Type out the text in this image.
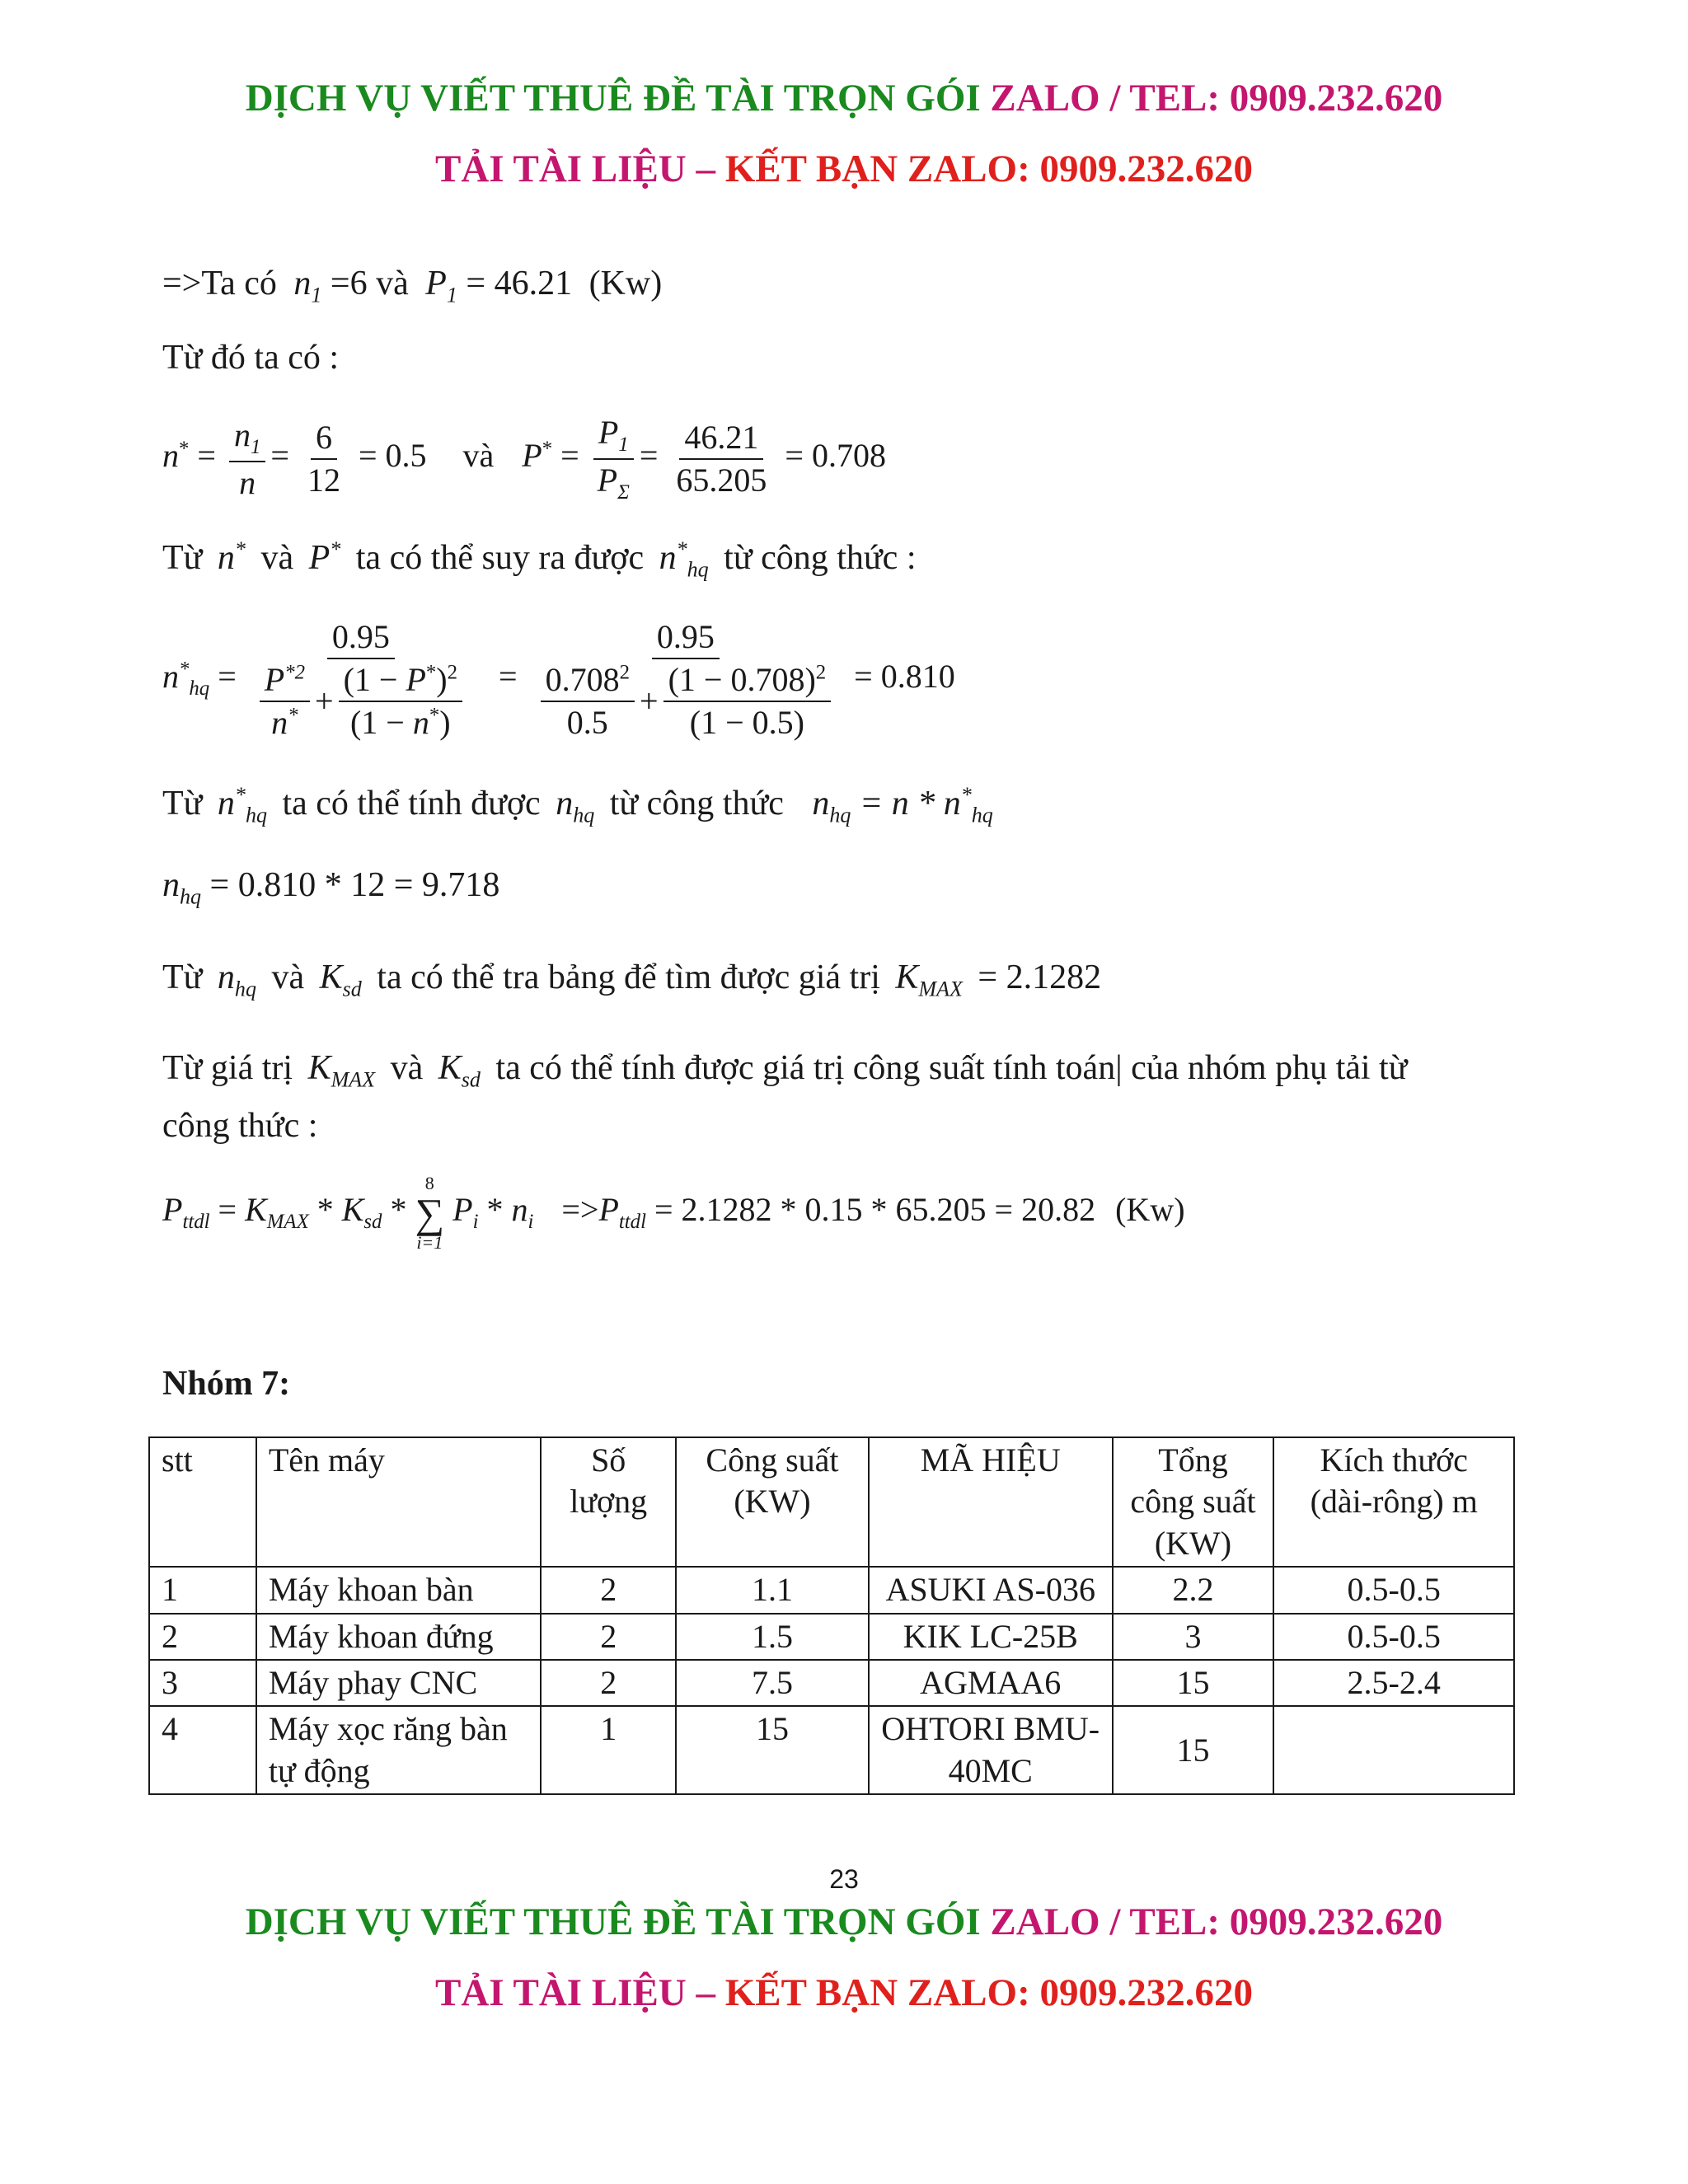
DỊCH VỤ VIẾT THUÊ ĐỀ TÀI TRỌN GÓI ZALO / TEL: 0909.232.620
TẢI TÀI LIỆU – KẾT BẠN ZALO: 0909.232.620
=>Ta có $n_1 =6$ và $P_1 = 46.21$ (Kw)
Từ đó ta có :
$n^* = \frac{n_1}{n} = \frac{6}{12} = 0.5$ và $P^* = \frac{P_1}{P_\Sigma} = \frac{46.21}{65.205} = 0.708$
Từ n* và P* ta có thể suy ra được $n^*_{hq}$ từ công thức :
$n^*_{hq} = \frac{0.95}{\frac{P^{*2}}{n^*} + \frac{(1 - P^*)^2}{(1 - n^*)}} = \frac{0.95}{\frac{0.708^2}{0.5} + \frac{(1 - 0.708)^2}{(1 - 0.5)}} = 0.810$
Từ $n^*_{hq}$ ta có thể tính được $n_{hq}$ từ công thức $n_{hq} = n * n^*_{hq}$
$n_{hq} = 0.810 * 12 = 9.718$
Từ $n_{hq}$ và $K_{sd}$ ta có thể tra bảng để tìm được giá trị $K_{MAX} = 2.1282$
Từ giá trị $K_{MAX}$ và $K_{sd}$ ta có thể tính được giá trị công suất tính toán| của nhóm phụ tải từ
công thức :
$P_{ttdl} = K_{MAX} * K_{sd}$ *
8
∑
i=1
$P_i * n_i =>P_{ttdl} = 2.1282 * 0.15 * 65.205 = 20.82$ (Kw)
Nhóm 7:
stt	Tên máy	Số lượng	Công suất (KW)	MÃ HIỆU	Tổng công suất (KW)	Kích thước (dài-rông) m
1	Máy khoan bàn	2	1.1	ASUKI AS-036	2.2	0.5-0.5
2	Máy khoan đứng	2	1.5	KIK LC-25B	3	0.5-0.5
3	Máy phay CNC	2	7.5	AGMAA6	15	2.5-2.4
4	Máy xọc răng bàn tự động	1	15	OHTORI BMU-40MC	15	
23
DỊCH VỤ VIẾT THUÊ ĐỀ TÀI TRỌN GÓI ZALO / TEL: 0909.232.620
TẢI TÀI LIỆU – KẾT BẠN ZALO: 0909.232.620
